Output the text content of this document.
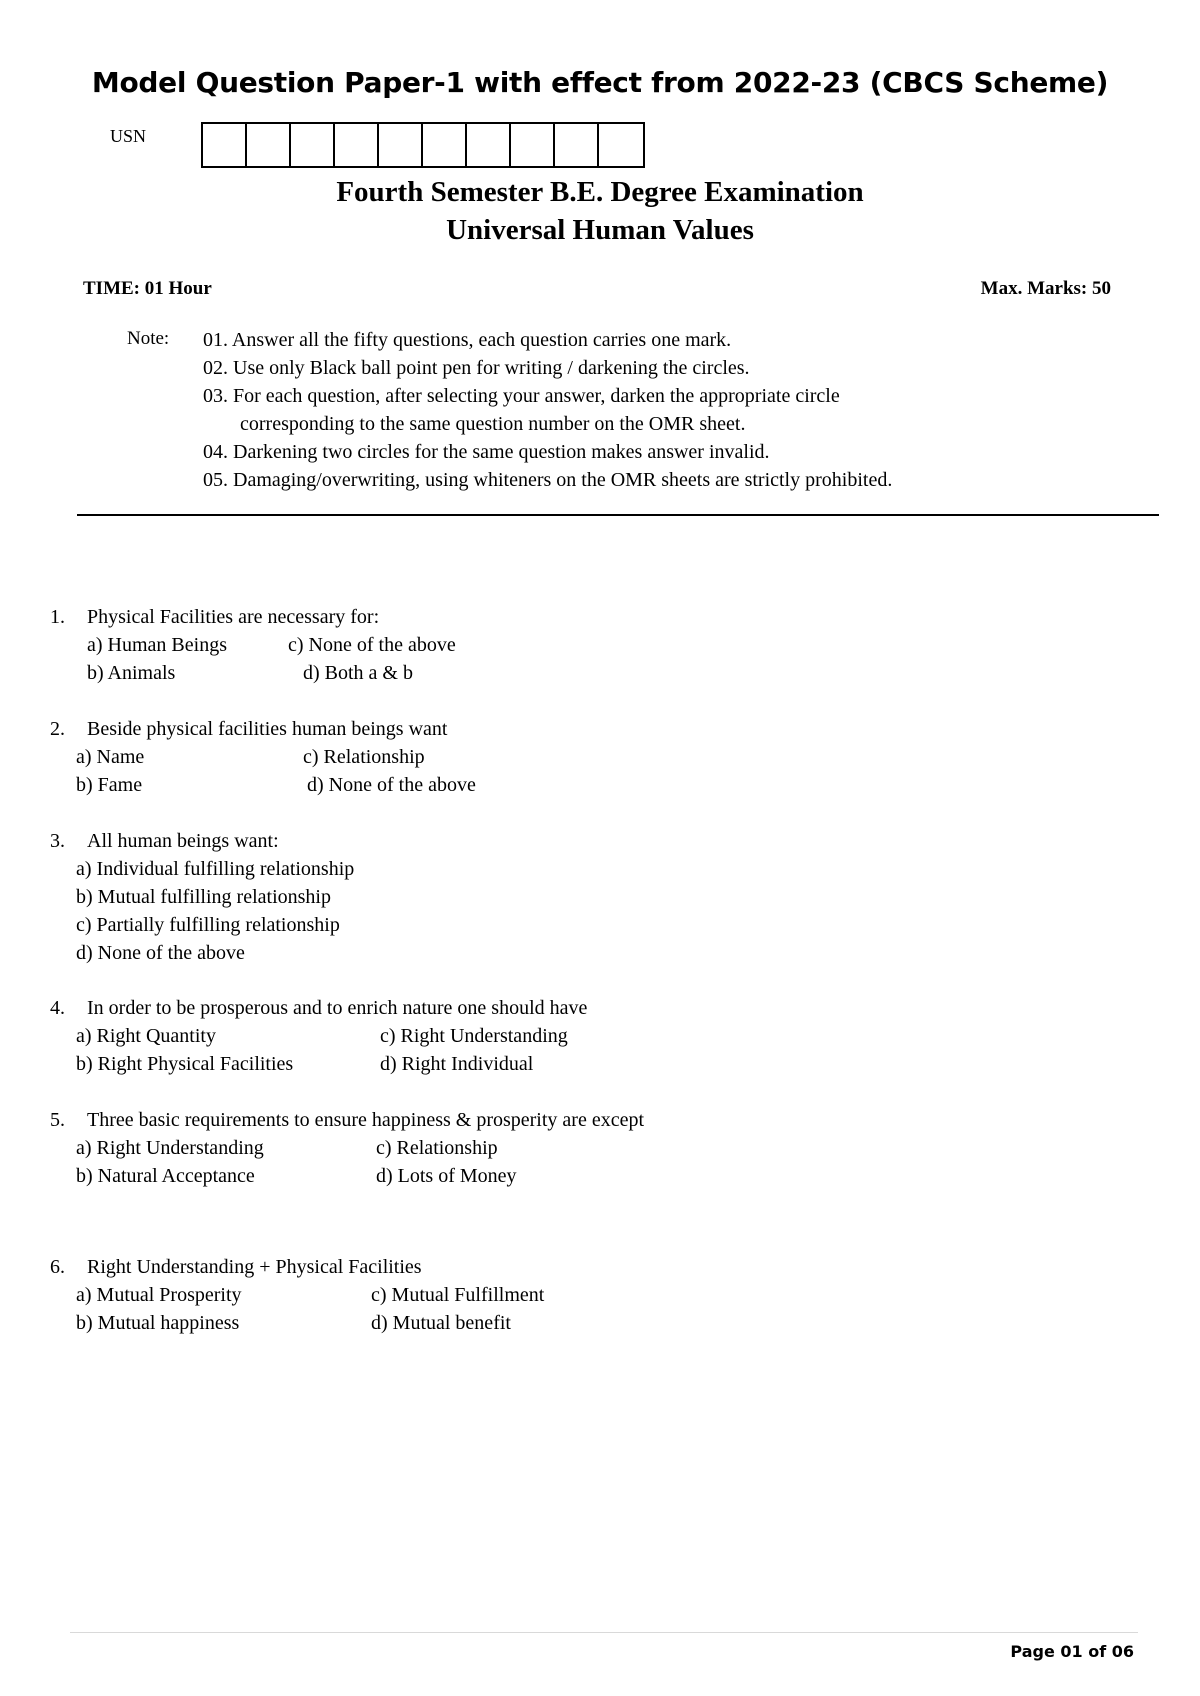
Model Question Paper-1 with effect from 2022-23 (CBCS Scheme)
USN
Fourth Semester B.E. Degree Examination
Universal Human Values
TIME: 01 Hour	Max. Marks: 50
Note: 01. Answer all the fifty questions, each question carries one mark.
02. Use only Black ball point pen for writing / darkening the circles.
03. For each question, after selecting your answer, darken the appropriate circle
corresponding to the same question number on the OMR sheet.
04. Darkening two circles for the same question makes answer invalid.
05. Damaging/overwriting, using whiteners on the OMR sheets are strictly prohibited.
1. Physical Facilities are necessary for:
a) Human Beings	c) None of the above
b) Animals	d) Both a & b
2. Beside physical facilities human beings want
a) Name	c) Relationship
b) Fame	d) None of the above
3. All human beings want:
a) Individual fulfilling relationship
b) Mutual fulfilling relationship
c) Partially fulfilling relationship
d) None of the above
4. In order to be prosperous and to enrich nature one should have
a) Right Quantity	c) Right Understanding
b) Right Physical Facilities	d) Right Individual
5. Three basic requirements to ensure happiness & prosperity are except
a) Right Understanding	c) Relationship
b) Natural Acceptance	d) Lots of Money
6. Right Understanding + Physical Facilities
a) Mutual Prosperity	c) Mutual Fulfillment
b) Mutual happiness	d) Mutual benefit
Page 01 of 06
